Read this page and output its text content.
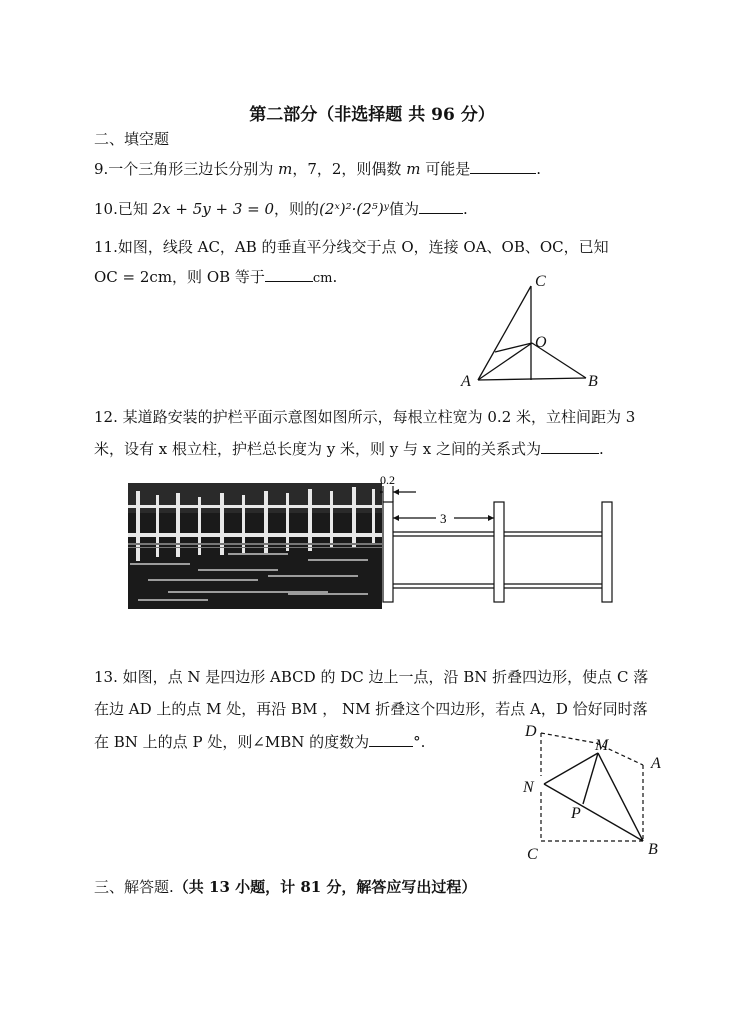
第二部分（非选择题 共 96 分）
二、填空题
9.一个三角形三边长分别为 m，7，2，则偶数 m 可能是	.
10.已知 2x + 5y + 3 = 0，则的(2ˣ)²·(2⁵)ʸ值为	.
11.如图，线段 AC，AB 的垂直平分线交于点 O，连接 OA、OB、OC，已知
OC = 2cm，则 OB 等于	cm.	C
O
A	B
12. 某道路安装的护栏平面示意图如图所示，每根立柱宽为 0.2 米，立柱间距为 3
米，设有 x 根立柱，护栏总长度为 y 米，则 y 与 x 之间的关系式为	.
0.2
3
13. 如图，点 N 是四边形 ABCD 的 DC 边上一点，沿 BN 折叠四边形，使点 C 落
在边 AD 上的点 M 处，再沿 BM ， NM 折叠这个四边形，若点 A，D 恰好同时落
在 BN 上的点 P 处，则∠MBN 的度数为	°.
D
M
A
N
P
C	B
三、解答题.（共 13 小题，计 81 分，解答应写出过程）
